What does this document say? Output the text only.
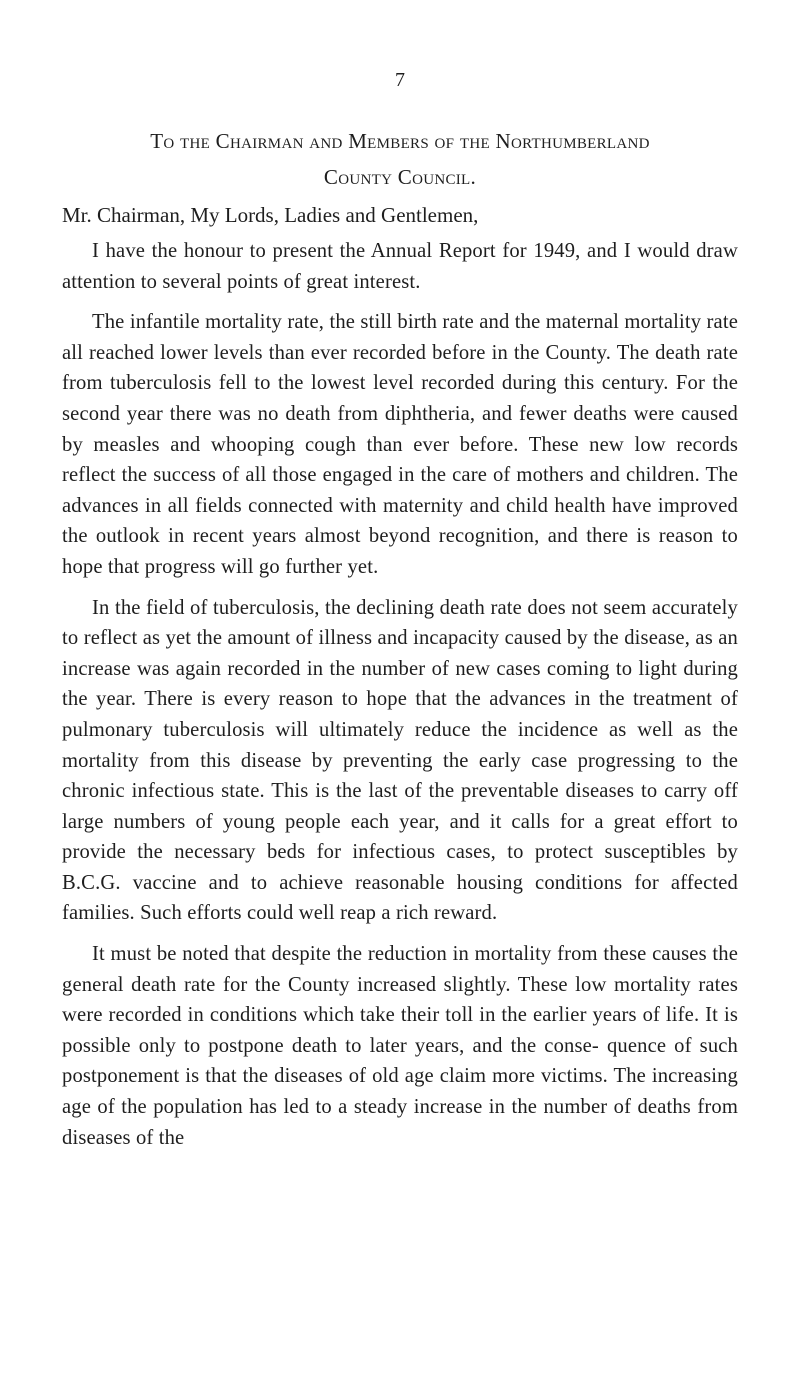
7
To the Chairman and Members of the Northumberland
County Council.
Mr. Chairman, My Lords, Ladies and Gentlemen,

I have the honour to present the Annual Report for 1949, and I would draw attention to several points of great interest.

The infantile mortality rate, the still birth rate and the maternal mortality rate all reached lower levels than ever recorded before in the County. The death rate from tuberculosis fell to the lowest level recorded during this century. For the second year there was no death from diphtheria, and fewer deaths were caused by measles and whooping cough than ever before. These new low records reflect the success of all those engaged in the care of mothers and children. The advances in all fields connected with maternity and child health have improved the outlook in recent years almost beyond recognition, and there is reason to hope that progress will go further yet.

In the field of tuberculosis, the declining death rate does not seem accurately to reflect as yet the amount of illness and incapacity caused by the disease, as an increase was again recorded in the number of new cases coming to light during the year. There is every reason to hope that the advances in the treatment of pulmonary tuberculosis will ultimately reduce the incidence as well as the mortality from this disease by preventing the early case progressing to the chronic infectious state. This is the last of the preventable diseases to carry off large numbers of young people each year, and it calls for a great effort to provide the necessary beds for infectious cases, to protect susceptibles by B.C.G. vaccine and to achieve reasonable housing conditions for affected families. Such efforts could well reap a rich reward.

It must be noted that despite the reduction in mortality from these causes the general death rate for the County increased slightly. These low mortality rates were recorded in conditions which take their toll in the earlier years of life. It is possible only to postpone death to later years, and the conse- quence of such postponement is that the diseases of old age claim more victims. The increasing age of the population has led to a steady increase in the number of deaths from diseases of the
